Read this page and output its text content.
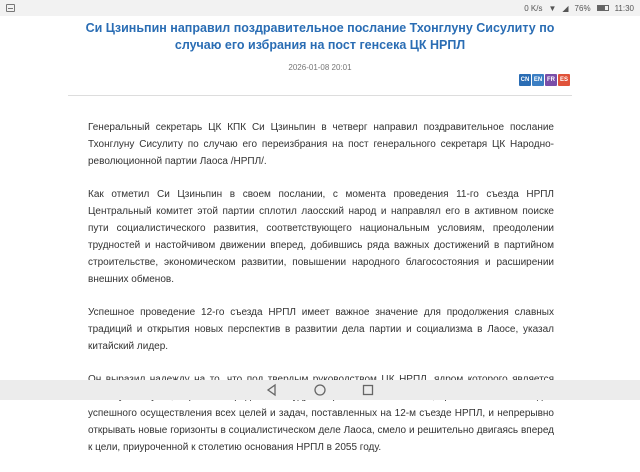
0 K/s ▼ ◢ 76%	11:30
Си Цзиньпин направил поздравительное послание Тхонглуну Сисулиту по случаю его избрания на пост генсека ЦК НРПЛ
2026-01-08 20:01
CN EN FR ES

Генеральный секретарь ЦК КПК Си Цзиньпин в четверг направил поздравительное послание Тхонглуну Сисулиту по случаю его переизбрания на пост генерального секретаря ЦК Народно-революционной партии Лаоса /НРПЛ/.

Как отметил Си Цзиньпин в своем послании, с момента проведения 11-го съезда НРПЛ Центральный комитет этой партии сплотил лаосский народ и направлял его в активном поиске пути социалистического развития, соответствующего национальным условиям, преодолении трудностей и настойчивом движении вперед, добившись ряда важных достижений в партийном строительстве, экономическом развитии, повышении народного благосостояния и расширении внешних обменов.

Успешное проведение 12-го съезда НРПЛ имеет важное значение для продолжения славных традиций и открытия новых перспектив в развитии дела партии и социализма в Лаосе, указал китайский лидер.

успешного осуществления всех целей и задач, поставленных на 12-м съезде НРПЛ, и непрерывно открывать новые горизонты в социалистическом деле Лаоса, смело и решительно двигаясь вперед к цели, приуроченной к столетию основания НРПЛ в 2055 году.
